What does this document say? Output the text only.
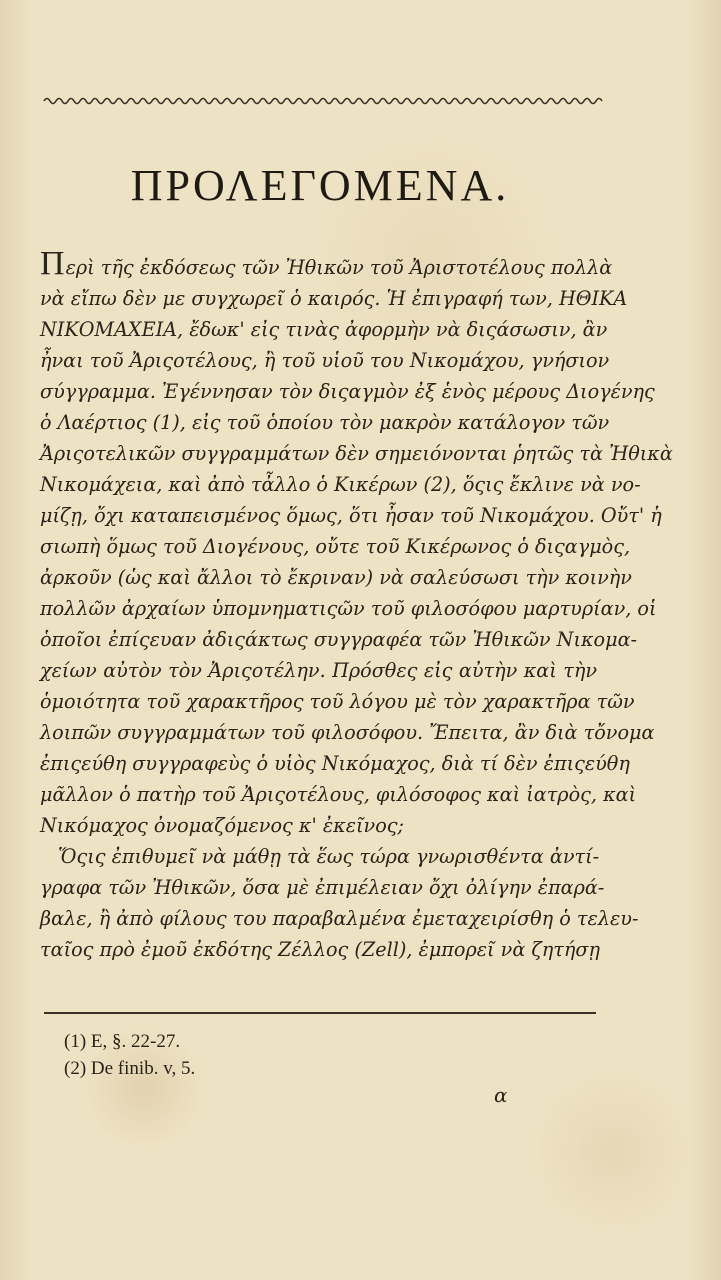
ΠΡΟΛΕΓΟΜΕΝΑ.
Περὶ τῆς ἐκδόσεως τῶν Ἠθικῶν τοῦ Ἀριστοτέλους πολλὰ
νὰ εἴπω δὲν με συγχωρεῖ ὁ καιρός. Ἡ ἐπιγραφή των, ΗΘΙΚΑ
ΝΙΚΟΜΑΧΕΙΑ, ἔδωκ' εἰς τινὰς ἀφορμὴν νὰ διςάσωσιν, ἂν
ἦναι τοῦ Ἀριςοτέλους, ἢ τοῦ υἱοῦ του Νικομάχου, γνήσιον
σύγγραμμα. Ἐγέννησαν τὸν διςαγμὸν ἐξ ἑνὸς μέρους Διογένης
ὁ Λαέρτιος (1), εἰς τοῦ ὁποίου τὸν μακρὸν κατάλογον τῶν
Ἀριςοτελικῶν συγγραμμάτων δὲν σημειόνονται ῥητῶς τὰ Ἠθικὰ
Νικομάχεια, καὶ ἀπὸ τἆλλο ὁ Κικέρων (2), ὅςις ἔκλινε νὰ νο-
μίζῃ, ὄχι καταπεισμένος ὅμως, ὅτι ἦσαν τοῦ Νικομάχου. Οὔτ' ἡ
σιωπὴ ὅμως τοῦ Διογένους, οὔτε τοῦ Κικέρωνος ὁ διςαγμὸς,
ἀρκοῦν (ὡς καὶ ἄλλοι τὸ ἔκριναν) νὰ σαλεύσωσι τὴν κοινὴν
πολλῶν ἀρχαίων ὑπομνηματιςῶν τοῦ φιλοσόφου μαρτυρίαν, οἱ
ὁποῖοι ἐπίςευαν ἀδιςάκτως συγγραφέα τῶν Ἠθικῶν Νικομα-
χείων αὐτὸν τὸν Ἀριςοτέλην. Πρόσθες εἰς αὐτὴν καὶ τὴν
ὁμοιότητα τοῦ χαρακτῆρος τοῦ λόγου μὲ τὸν χαρακτῆρα τῶν
λοιπῶν συγγραμμάτων τοῦ φιλοσόφου. Ἔπειτα, ἂν διὰ τὄνομα
ἐπιςεύθη συγγραφεὺς ὁ υἱὸς Νικόμαχος, διὰ τί δὲν ἐπιςεύθη
μᾶλλον ὁ πατὴρ τοῦ Ἀριςοτέλους, φιλόσοφος καὶ ἰατρὸς, καὶ
Νικόμαχος ὀνομαζόμενος κ' ἐκεῖνος;
Ὅςις ἐπιθυμεῖ νὰ μάθῃ τὰ ἕως τώρα γνωρισθέντα ἀντί-
γραφα τῶν Ἠθικῶν, ὅσα μὲ ἐπιμέλειαν ὄχι ὀλίγην ἐπαρά-
βαλε, ἢ ἀπὸ φίλους του παραβαλμένα ἐμεταχειρίσθη ὁ τελευ-
ταῖος πρὸ ἐμοῦ ἐκδότης Ζέλλος (Zell), ἐμπορεῖ νὰ ζητήσῃ
(1) Ε, §. 22-27.
(2) De finib. v, 5.
α
